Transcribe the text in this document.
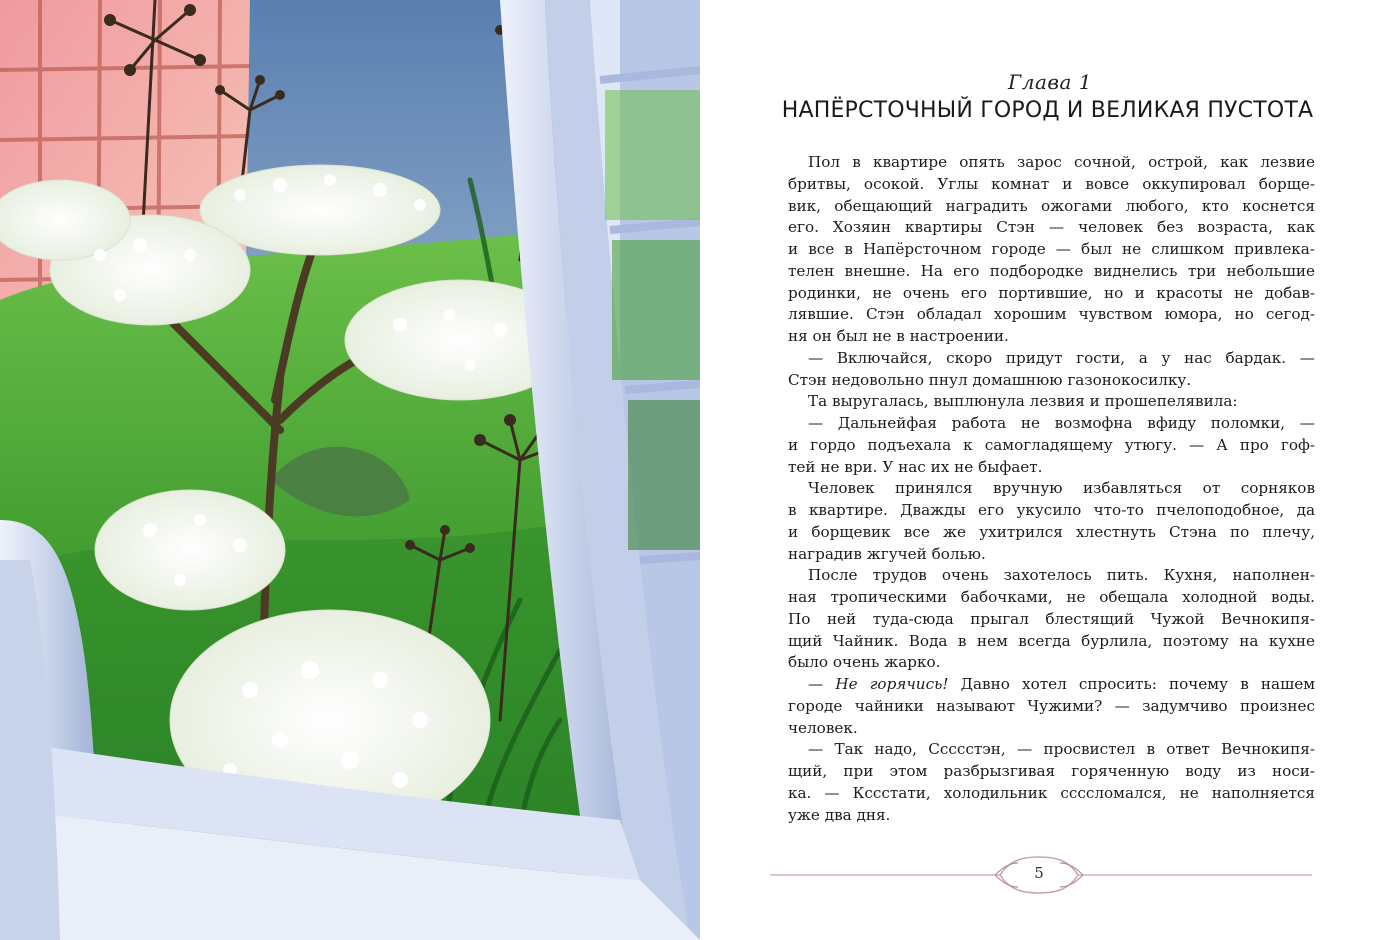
Глава 1
НАПЁРСТОЧНЫЙ ГОРОД И ВЕЛИКАЯ ПУСТОТА
Пол в квартире опять зарос сочной, острой, как лезвие
бритвы, осокой. Углы комнат и вовсе оккупировал борще-
вик, обещающий наградить ожогами любого, кто коснется
его. Хозяин квартиры Стэн — человек без возраста, как
и все в Напёрсточном городе — был не слишком привлека-
телен внешне. На его подбородке виднелись три небольшие
родинки, не очень его портившие, но и красоты не добав-
лявшие. Стэн обладал хорошим чувством юмора, но сегод-
ня он был не в настроении.
— Включайся, скоро придут гости, а у нас бардак. —
Стэн недовольно пнул домашнюю газонокосилку.
Та выругалась, выплюнула лезвия и прошепелявила:
— Дальнейфая работа не возмофна вфиду поломки, —
и гордо подъехала к самогладящему утюгу. — А про гоф-
тей не ври. У нас их не быфает.
Человек принялся вручную избавляться от сорняков
в квартире. Дважды его укусило что-то пчелоподобное, да
и борщевик все же ухитрился хлестнуть Стэна по плечу,
наградив жгучей болью.
После трудов очень захотелось пить. Кухня, наполнен-
ная тропическими бабочками, не обещала холодной воды.
По ней туда-сюда прыгал блестящий Чужой Вечнокипя-
щий Чайник. Вода в нем всегда бурлила, поэтому на кухне
было очень жарко.
— Не горячись! Давно хотел спросить: почему в нашем
городе чайники называют Чужими? — задумчиво произнес
человек.
— Так надо, Ссссстэн, — просвистел в ответ Вечнокипя-
щий, при этом разбрызгивая горяченную воду из носи-
ка. — Кссстати, холодильник сссcломался, не наполняется
уже два дня.
5
